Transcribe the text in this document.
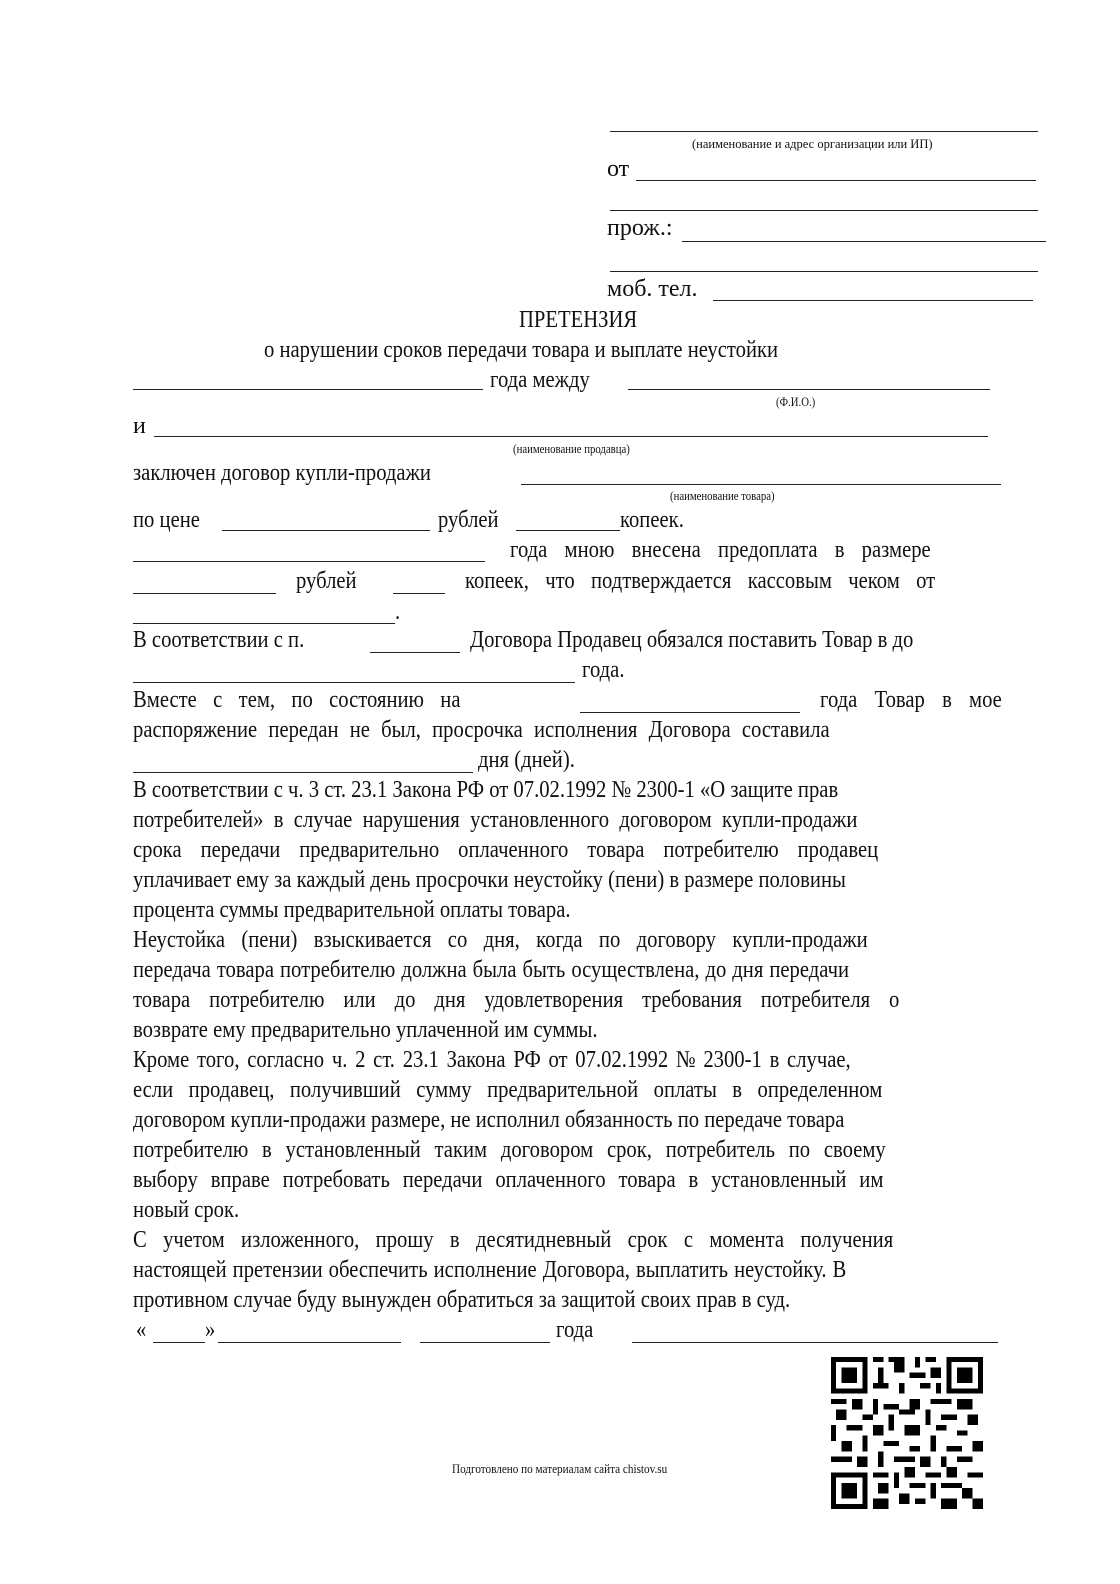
(наименование и адрес организации или ИП)
от
прож.:
моб. тел.
ПРЕТЕНЗИЯ
о нарушении сроков передачи товара и выплате неустойки
года между
(Ф.И.О.)
и
(наименование продавца)
заключен договор купли-продажи
(наименование товара)
по цене	рублей	копеек.
года мною внесена предоплата в размере
рублей	копеек, что подтверждается кассовым чеком от
.
В соответствии с п.	Договора Продавец обязался поставить Товар в до
года.
Вместе с тем, по состоянию на	года Товар в мое
распоряжение передан не был, просрочка исполнения Договора составила
дня (дней).
В соответствии с ч. 3 ст. 23.1 Закона РФ от 07.02.1992 № 2300-1 «О защите прав
потребителей» в случае нарушения установленного договором купли-продажи
срока передачи предварительно оплаченного товара потребителю продавец
уплачивает ему за каждый день просрочки неустойку (пени) в размере половины
процента суммы предварительной оплаты товара.
Неустойка (пени) взыскивается со дня, когда по договору купли-продажи
передача товара потребителю должна была быть осуществлена, до дня передачи
товара потребителю или до дня удовлетворения требования потребителя о
возврате ему предварительно уплаченной им суммы.
Кроме того, согласно ч. 2 ст. 23.1 Закона РФ от 07.02.1992 № 2300-1 в случае,
если продавец, получивший сумму предварительной оплаты в определенном
договором купли-продажи размере, не исполнил обязанность по передаче товара
потребителю в установленный таким договором срок, потребитель по своему
выбору вправе потребовать передачи оплаченного товара в установленный им
новый срок.
С учетом изложенного, прошу в десятидневный срок с момента получения
настоящей претензии обеспечить исполнение Договора, выплатить неустойку. В
противном случае буду вынужден обратиться за защитой своих прав в суд.
« »	года
Подготовлено по материалам сайта chistov.su
